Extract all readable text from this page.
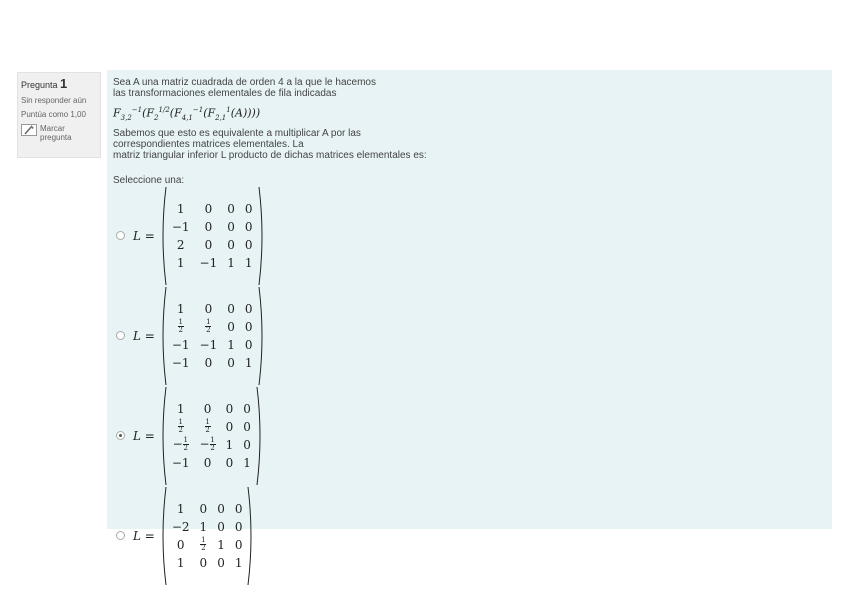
Pregunta 1
Sin responder aún
Puntúa como 1,00
Marcar pregunta
Sea A una matriz cuadrada de orden 4 a la que le hacemos
las transformaciones elementales de fila indicadas
$F_{3,2}^{-1}(F_2^{1/2}(F_{4,1}^{-1}(F_{2,1}^1(A))))$
Sabemos que esto es equivalente a multiplicar A por las
correspondientes matrices elementales. La
matriz triangular inferior L producto de dichas matrices elementales es:
Seleccione una:
L =
1	0	0	0
−1	0	0	0
2	0	0	0
1	−1	1	1
L =
1	0	0	0

$\frac{1}{2}$	$\frac{1}{2}$	0	0
−1	−1	1	0
−1	0	0	1
L =
1	0	0	0

$\frac{1}{2}$	$\frac{1}{2}$	0	0
− $\frac{1}{2}$	− $\frac{1}{2}$	1	0
−1	0	0	1
L =
1	0	0	0
−2	1	0	0
0	$\frac{1}{2}$	1	0
1	0	0	1
